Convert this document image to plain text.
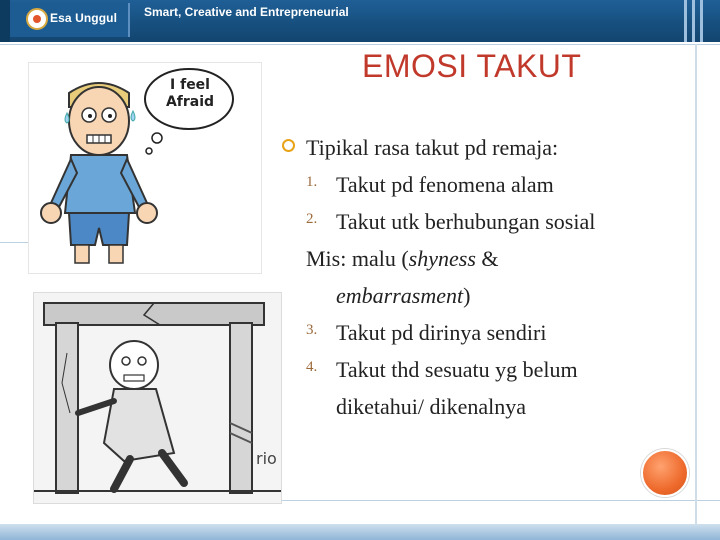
Esa Unggul Smart, Creative and Entrepreneurial
EMOSI TAKUT
I feel Afraid
rio
Tipikal rasa takut pd remaja:
1. Takut pd fenomena alam
2. Takut utk berhubungan sosial
Mis: malu (shyness &
embarrasment)
3. Takut pd dirinya sendiri
4. Takut thd sesuatu yg belum
diketahui/ dikenalnya
